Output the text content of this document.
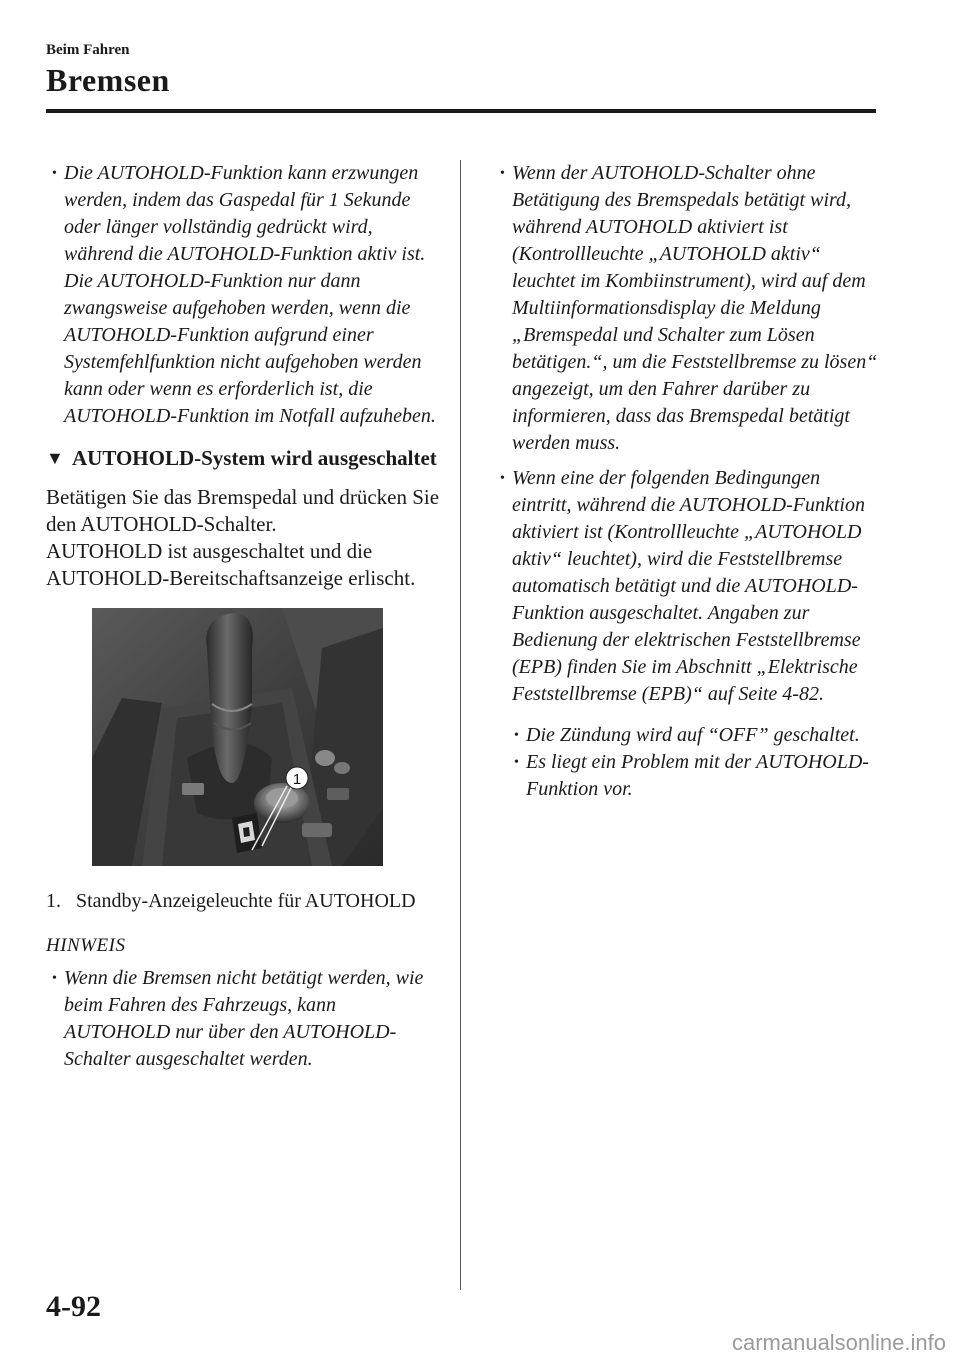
Beim Fahren
Bremsen

• Die AUTOHOLD-Funktion kann erzwungen werden, indem das Gaspedal für 1 Sekunde oder länger vollständig gedrückt wird, während die AUTOHOLD-Funktion aktiv ist. Die AUTOHOLD-Funktion nur dann zwangsweise aufgehoben werden, wenn die AUTOHOLD-Funktion aufgrund einer Systemfehlfunktion nicht aufgehoben werden kann oder wenn es erforderlich ist, die AUTOHOLD-Funktion im Notfall aufzuheben.

▼ AUTOHOLD-System wird ausgeschaltet

Betätigen Sie das Bremspedal und drücken Sie den AUTOHOLD-Schalter.

AUTOHOLD ist ausgeschaltet und die AUTOHOLD-Bereitschaftsanzeige erlischt.

1
1. Standby-Anzeigeleuchte für AUTOHOLD
HINWEIS

• Wenn die Bremsen nicht betätigt werden, wie beim Fahren des Fahrzeugs, kann AUTOHOLD nur über den AUTOHOLD-Schalter ausgeschaltet werden.

• Wenn der AUTOHOLD-Schalter ohne Betätigung des Bremspedals betätigt wird, während AUTOHOLD aktiviert ist (Kontrollleuchte „AUTOHOLD aktiv“ leuchtet im Kombiinstrument), wird auf dem Multiinformationsdisplay die Meldung „Bremspedal und Schalter zum Lösen betätigen.“, um die Feststellbremse zu lösen“ angezeigt, um den Fahrer darüber zu informieren, dass das Bremspedal betätigt werden muss.

• Wenn eine der folgenden Bedingungen eintritt, während die AUTOHOLD-Funktion aktiviert ist (Kontrollleuchte „AUTOHOLD aktiv“ leuchtet), wird die Feststellbremse automatisch betätigt und die AUTOHOLD-Funktion ausgeschaltet. Angaben zur Bedienung der elektrischen Feststellbremse (EPB) finden Sie im Abschnitt „Elektrische Feststellbremse (EPB)“ auf Seite 4-82.

• Die Zündung wird auf “OFF” geschaltet.

• Es liegt ein Problem mit der AUTOHOLD-Funktion vor.

4-92
carmanualsonline.info
